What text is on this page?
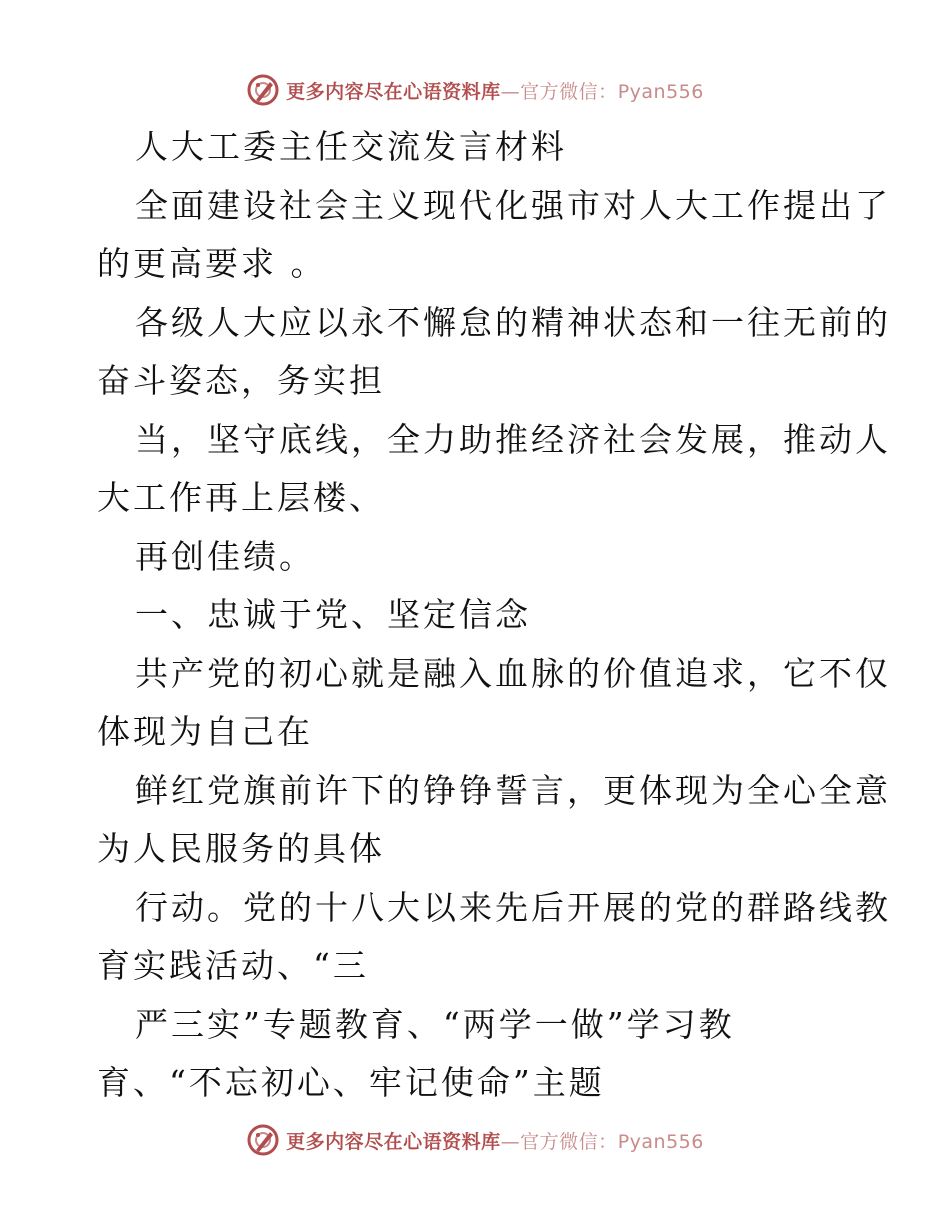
更多内容尽在心语资料库—官方微信：Pyan556
人大工委主任交流发言材料
全面建设社会主义现代化强市对人大工作提出了
的更高要求 。
各级人大应以永不懈怠的精神状态和一往无前的
奋斗姿态，务实担
当，坚守底线，全力助推经济社会发展，推动人
大工作再上层楼、
再创佳绩。
一、忠诚于党、坚定信念
共产党的初心就是融入血脉的价值追求，它不仅
体现为自己在
鲜红党旗前许下的铮铮誓言，更体现为全心全意
为人民服务的具体
行动。党的十八大以来先后开展的党的群路线教
育实践活动、“三
严三实”专题教育、“两学一做”学习教
育、“不忘初心、牢记使命”主题
更多内容尽在心语资料库—官方微信：Pyan556
